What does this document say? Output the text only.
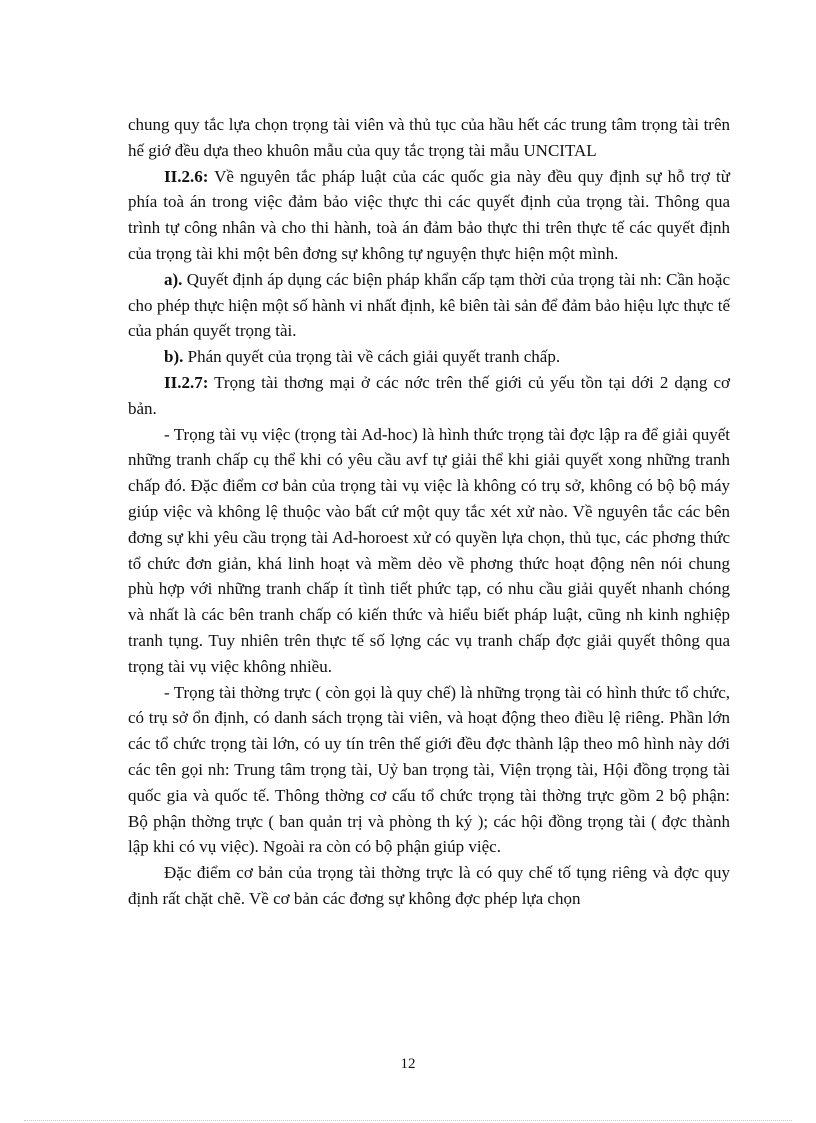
chung quy tắc lựa chọn trọng tài viên và thủ tục của hầu hết các trung tâm trọng tài trên hế giớ đều dựa theo khuôn mẫu của quy tắc trọng tài mẫu UNCITAL

II.2.6: Về nguyên tắc pháp luật của các quốc gia này đều quy định sự hỗ trợ từ phía toà án trong việc đảm bảo việc thực thi các quyết định của trọng tài. Thông qua trình tự công nhân và cho thi hành, toà án đảm bảo thực thi trên thực tế các quyết định của trọng tài khi một bên đơng sự không tự nguyện thực hiện một mình.

a). Quyết định áp dụng các biện pháp khẩn cấp tạm thời của trọng tài nh: Cần hoặc cho phép thực hiện một số hành vi nhất định, kê biên tài sản để đảm bảo hiệu lực thực tế của phán quyết trọng tài.

b). Phán quyết của trọng tài về cách giải quyết tranh chấp.

II.2.7: Trọng tài thơng mại ở các nớc trên thế giới củ yếu tồn tại dới 2 dạng cơ bản.

- Trọng tài vụ việc (trọng tài Ad-hoc) là hình thức trọng tài đợc lập ra để giải quyết những tranh chấp cụ thể khi có yêu cầu avf tự giải thể khi giải quyết xong những tranh chấp đó. Đặc điểm cơ bản của trọng tài vụ việc là không có trụ sở, không có bộ bộ máy giúp việc và không lệ thuộc vào bất cứ một quy tắc xét xử nào. Về nguyên tắc các bên đơng sự khi yêu cầu trọng tài Ad-horoest xử có quyền lựa chọn, thủ tục, các phơng thức tổ chức đơn giản, khá linh hoạt và mềm dẻo về phơng thức hoạt động nên nói chung phù hợp với những tranh chấp ít tình tiết phức tạp, có nhu cầu giải quyết nhanh chóng và nhất là các bên tranh chấp có kiến thức và hiểu biết pháp luật, cũng nh kinh nghiệp tranh tụng. Tuy nhiên trên thực tế số lợng các vụ tranh chấp đợc giải quyết thông qua trọng tài vụ việc không nhiều.

- Trọng tài thờng trực ( còn gọi là quy chế) là những trọng tài có hình thức tổ chức, có trụ sở ổn định, có danh sách trọng tài viên, và hoạt động theo điều lệ riêng. Phần lớn các tổ chức trọng tài lớn, có uy tín trên thế giới đều đợc thành lập theo mô hình này dới các tên gọi nh: Trung tâm trọng tài, Uỷ ban trọng tài, Viện trọng tài, Hội đồng trọng tài quốc gia và quốc tế. Thông thờng cơ cấu tổ chức trọng tài thờng trực gồm 2 bộ phận: Bộ phận thờng trực ( ban quản trị và phòng th ký ); các hội đồng trọng tài ( đợc thành lập khi có vụ việc). Ngoài ra còn có bộ phận giúp việc.

Đặc điểm cơ bản của trọng tài thờng trực là có quy chế tố tụng riêng và đợc quy định rất chặt chẽ. Về cơ bản các đơng sự không đợc phép lựa chọn

12
